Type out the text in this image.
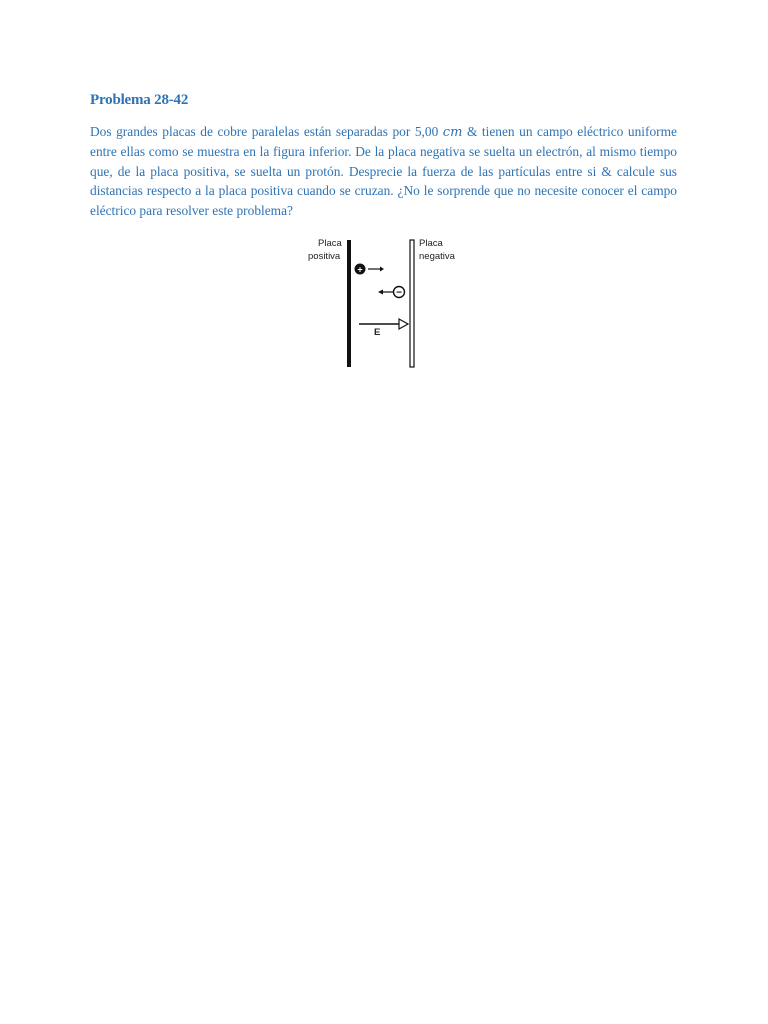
Problema 28-42

Dos grandes placas de cobre paralelas están separadas por 5,00 cm & tienen un campo eléctrico uniforme entre ellas como se muestra en la figura inferior. De la placa negativa se suelta un electrón, al mismo tiempo que, de la placa positiva, se suelta un protón. Desprecie la fuerza de las partículas entre si & calcule sus distancias respecto a la placa positiva cuando se cruzan. ¿No le sorprende que no necesite conocer el campo eléctrico para resolver este problema?

Placa
positiva
Placa
negativa
+
−
E
